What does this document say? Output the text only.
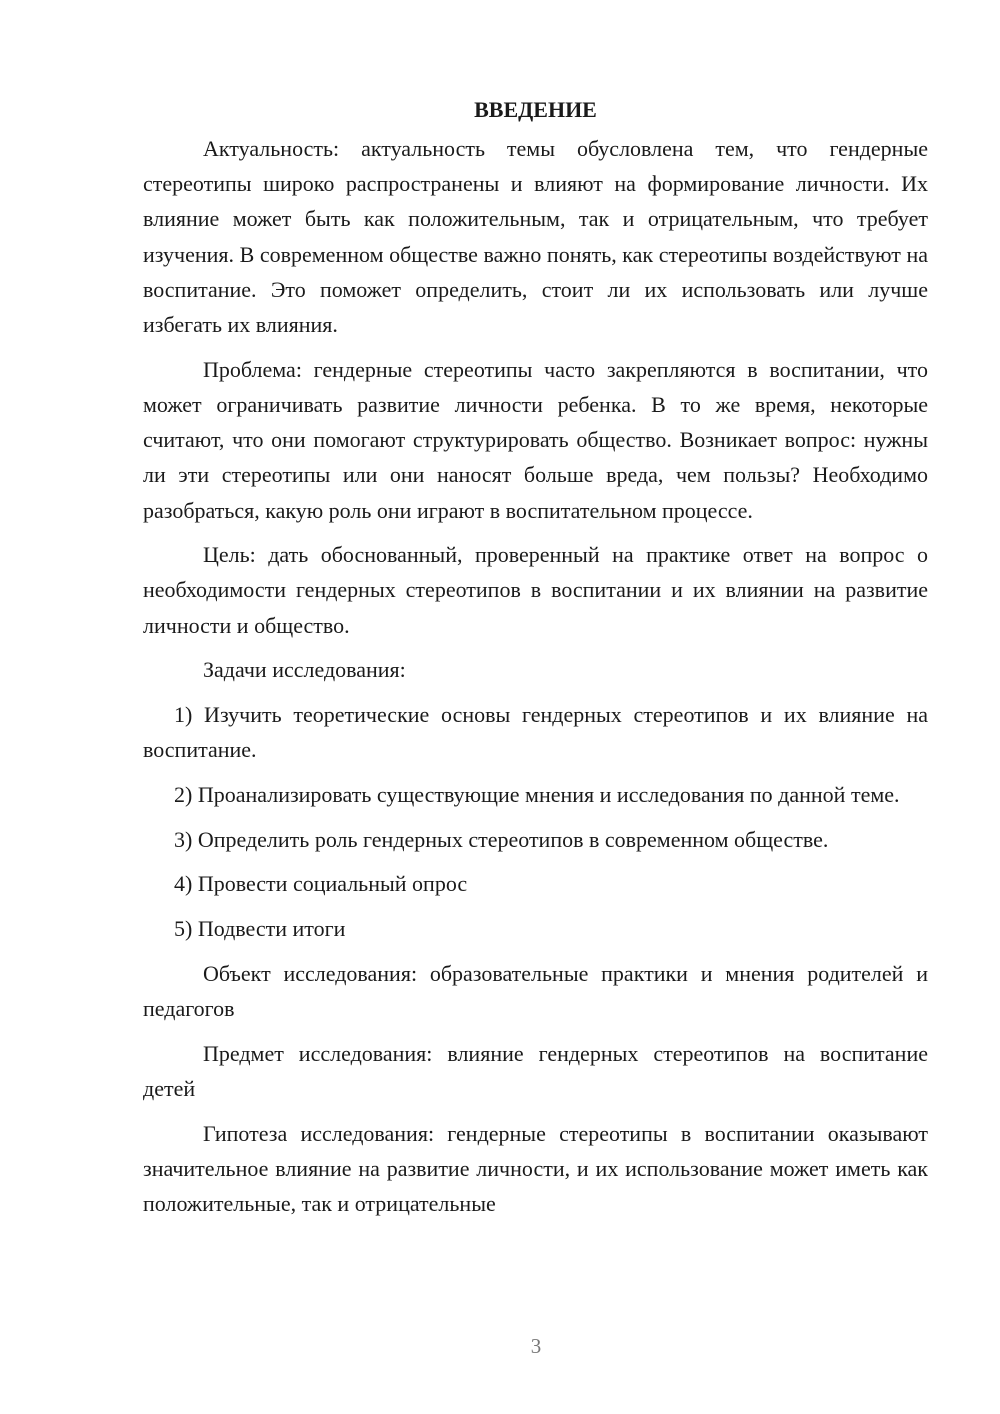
ВВЕДЕНИЕ

Актуальность: актуальность темы обусловлена тем, что гендерные стереотипы широко распространены и влияют на формирование личности. Их влияние может быть как положительным, так и отрицательным, что требует изучения. В современном обществе важно понять, как стереотипы воздействуют на воспитание. Это поможет определить, стоит ли их использовать или лучше избегать их влияния.

Проблема: гендерные стереотипы часто закрепляются в воспитании, что может ограничивать развитие личности ребенка. В то же время, некоторые считают, что они помогают структурировать общество. Возникает вопрос: нужны ли эти стереотипы или они наносят больше вреда, чем пользы? Необходимо разобраться, какую роль они играют в воспитательном процессе.

Цель: дать обоснованный, проверенный на практике ответ на вопрос о необходимости гендерных стереотипов в воспитании и их влиянии на развитие личности и общество.

Задачи исследования:

1) Изучить теоретические основы гендерных стереотипов и их влияние на воспитание.

2) Проанализировать существующие мнения и исследования по данной теме.

3) Определить роль гендерных стереотипов в современном обществе.

4) Провести социальный опрос

5) Подвести итоги

Объект исследования: образовательные практики и мнения родителей и педагогов

Предмет исследования: влияние гендерных стереотипов на воспитание детей

Гипотеза исследования: гендерные стереотипы в воспитании оказывают значительное влияние на развитие личности, и их использование может иметь как положительные, так и отрицательные

3
